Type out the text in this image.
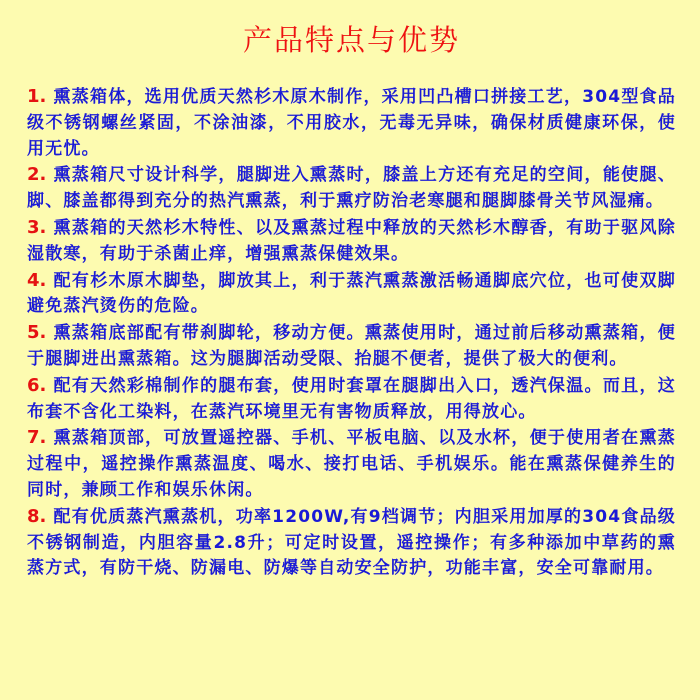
产品特点与优势

1. 熏蒸箱体，选用优质天然杉木原木制作，采用凹凸槽口拼接工艺，304型食品级不锈钢螺丝紧固，不涂油漆，不用胶水，无毒无异味，确保材质健康环保，使用无忧。

2. 熏蒸箱尺寸设计科学，腿脚进入熏蒸时，膝盖上方还有充足的空间，能使腿、脚、膝盖都得到充分的热汽熏蒸，利于熏疗防治老寒腿和腿脚膝骨关节风湿痛。

3. 熏蒸箱的天然杉木特性、以及熏蒸过程中释放的天然杉木醇香，有助于驱风除湿散寒，有助于杀菌止痒，增强熏蒸保健效果。

4. 配有杉木原木脚垫，脚放其上，利于蒸汽熏蒸激活畅通脚底穴位，也可使双脚避免蒸汽烫伤的危险。

5. 熏蒸箱底部配有带刹脚轮，移动方便。熏蒸使用时，通过前后移动熏蒸箱，便于腿脚进出熏蒸箱。这为腿脚活动受限、抬腿不便者，提供了极大的便利。

6. 配有天然彩棉制作的腿布套，使用时套罩在腿脚出入口，透汽保温。而且，这布套不含化工染料，在蒸汽环境里无有害物质释放，用得放心。

7. 熏蒸箱顶部，可放置遥控器、手机、平板电脑、以及水杯，便于使用者在熏蒸过程中，遥控操作熏蒸温度、喝水、接打电话、手机娱乐。能在熏蒸保健养生的同时，兼顾工作和娱乐休闲。

8. 配有优质蒸汽熏蒸机，功率1200W,有9档调节；内胆采用加厚的304食品级不锈钢制造，内胆容量2.8升；可定时设置，遥控操作；有多种添加中草药的熏蒸方式，有防干烧、防漏电、防爆等自动安全防护，功能丰富，安全可靠耐用。
